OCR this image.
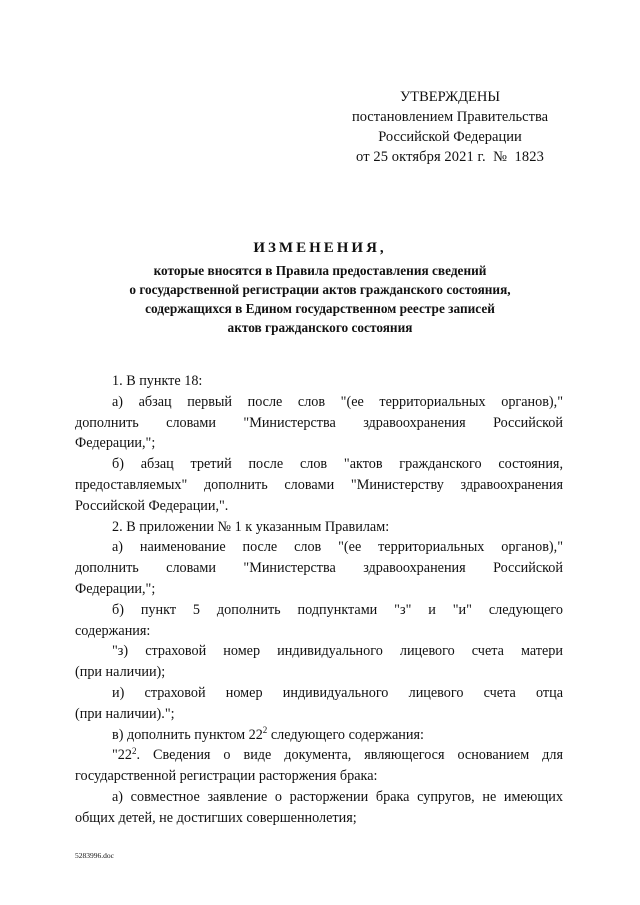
УТВЕРЖДЕНЫ
постановлением Правительства
Российской Федерации
от 25 октября 2021 г.  №  1823
ИЗМЕНЕНИЯ,
которые вносятся в Правила предоставления сведений
о государственной регистрации актов гражданского состояния,
содержащихся в Едином государственном реестре записей
актов гражданского состояния
1. В пункте 18:
а) абзац первый после слов "(ее территориальных органов),"
дополнить словами "Министерства здравоохранения Российской
Федерации,";
б) абзац третий после слов "актов гражданского состояния,
предоставляемых" дополнить словами "Министерству здравоохранения
Российской Федерации,".
2. В приложении № 1 к указанным Правилам:
а) наименование после слов "(ее территориальных органов),"
дополнить словами "Министерства здравоохранения Российской
Федерации,";
б) пункт 5 дополнить подпунктами "з" и "и" следующего
содержания:
"з) страховой номер индивидуального лицевого счета матери
(при наличии);
и) страховой номер индивидуального лицевого счета отца
(при наличии).";
в) дополнить пунктом $22^2$ следующего содержания:
"22 2 . Сведения о виде документа, являющегося основанием для
государственной регистрации расторжения брака:
а) совместное заявление о расторжении брака супругов, не имеющих
общих детей, не достигших совершеннолетия;
5283996.doc
